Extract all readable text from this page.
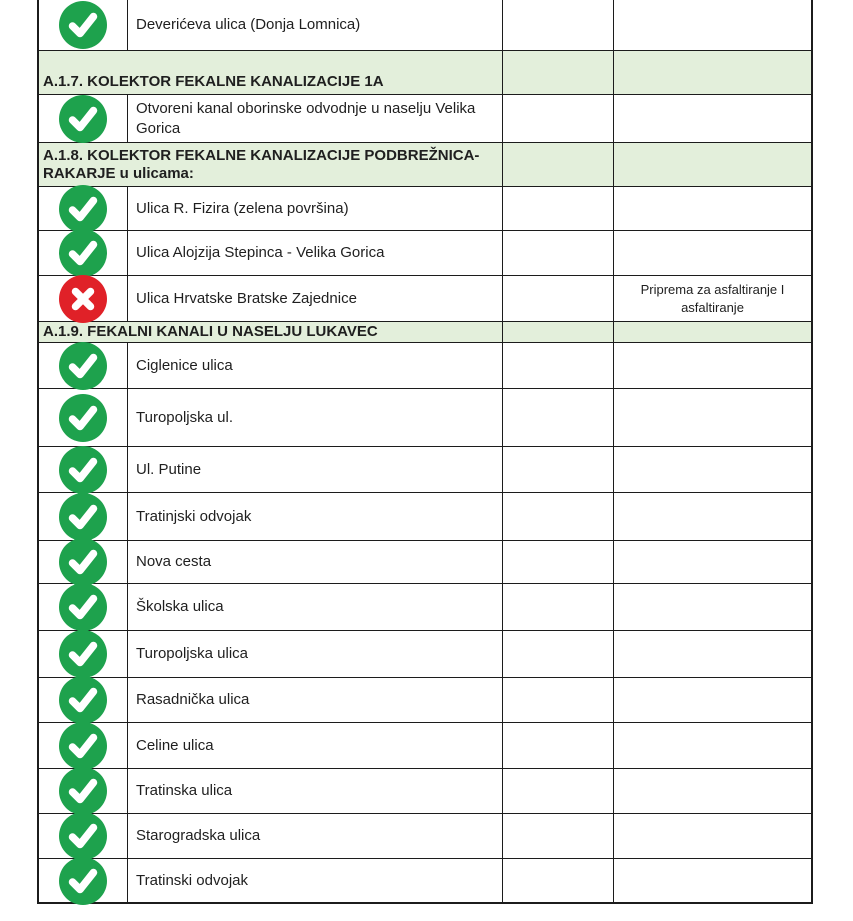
Deverićeva ulica (Donja Lomnica)
A.1.7. KOLEKTOR FEKALNE KANALIZACIJE 1A
Otvoreni kanal oborinske odvodnje u naselju Velika Gorica
A.1.8. KOLEKTOR FEKALNE KANALIZACIJE PODBREŽNICA-RAKARJE u ulicama:
Ulica R. Fizira (zelena površina)
Ulica Alojzija Stepinca - Velika Gorica
Ulica Hrvatske Bratske Zajednice
Priprema za asfaltiranje I asfaltiranje
A.1.9. FEKALNI KANALI U NASELJU LUKAVEC
Ciglenice ulica
Turopoljska ul.
Ul. Putine
Tratinjski odvojak
Nova cesta
Školska ulica
Turopoljska ulica
Rasadnička ulica
Celine ulica
Tratinska ulica
Starogradska ulica
Tratinski odvojak
